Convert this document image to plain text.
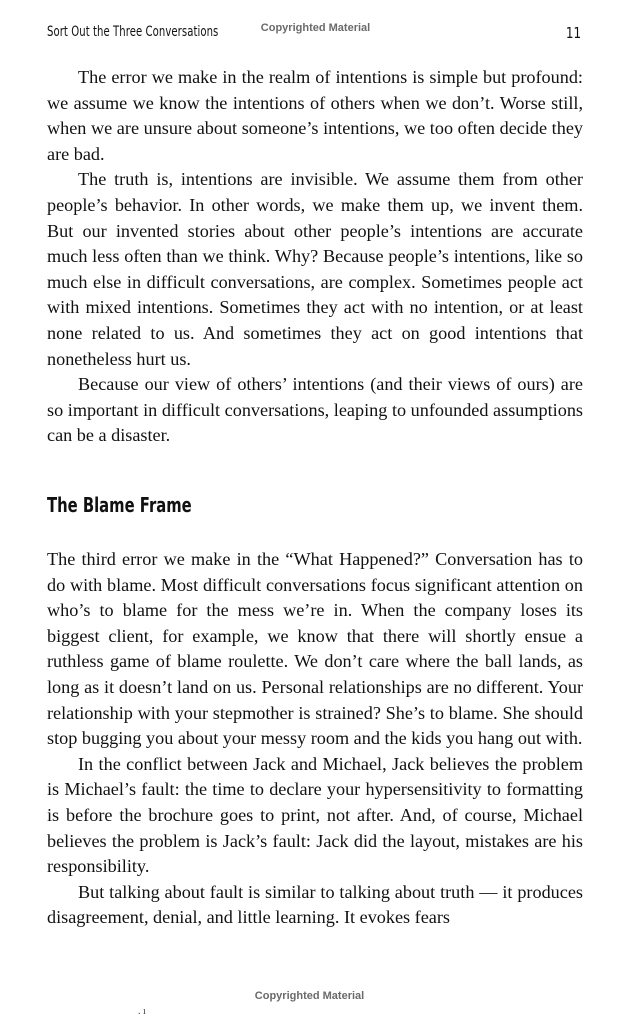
Sort Out the Three Conversations	Copyrighted Material	11

The error we make in the realm of intentions is simple but profound: we assume we know the intentions of others when we don’t. Worse still, when we are unsure about someone’s intentions, we too often decide they are bad.

The truth is, intentions are invisible. We assume them from other people’s behavior. In other words, we make them up, we invent them. But our invented stories about other people’s intentions are accurate much less often than we think. Why? Because people’s intentions, like so much else in difficult conversations, are complex. Sometimes people act with mixed intentions. Sometimes they act with no intention, or at least none related to us. And sometimes they act on good intentions that nonetheless hurt us.

Because our view of others’ intentions (and their views of ours) are so important in difficult conversations, leaping to unfounded assumptions can be a disaster.

The Blame Frame

The third error we make in the “What Happened?” Conversation has to do with blame. Most difficult conversations focus significant attention on who’s to blame for the mess we’re in. When the company loses its biggest client, for example, we know that there will shortly ensue a ruthless game of blame roulette. We don’t care where the ball lands, as long as it doesn’t land on us. Personal relationships are no different. Your relationship with your stepmother is strained? She’s to blame. She should stop bugging you about your messy room and the kids you hang out with.

In the conflict between Jack and Michael, Jack believes the problem is Michael’s fault: the time to declare your hypersensitivity to formatting is before the brochure goes to print, not after. And, of course, Michael believes the problem is Jack’s fault: Jack did the layout, mistakes are his responsibility.

But talking about fault is similar to talking about truth — it produces disagreement, denial, and little learning. It evokes fears

Copyrighted Material
. ı
